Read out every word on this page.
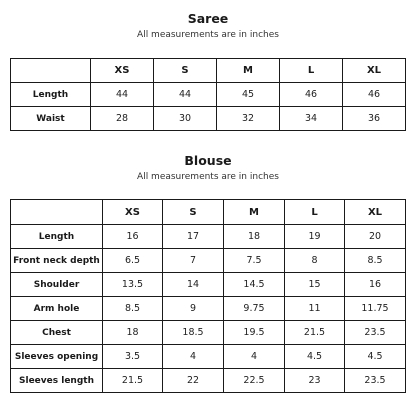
Saree
All measurements are in inches
	XS	S	M	L	XL
Length	44	44	45	46	46
Waist	28	30	32	34	36
Blouse
All measurements are in inches
	XS	S	M	L	XL
Length	16	17	18	19	20
Front neck depth	6.5	7	7.5	8	8.5
Shoulder	13.5	14	14.5	15	16
Arm hole	8.5	9	9.75	11	11.75
Chest	18	18.5	19.5	21.5	23.5
Sleeves opening	3.5	4	4	4.5	4.5
Sleeves length	21.5	22	22.5	23	23.5
